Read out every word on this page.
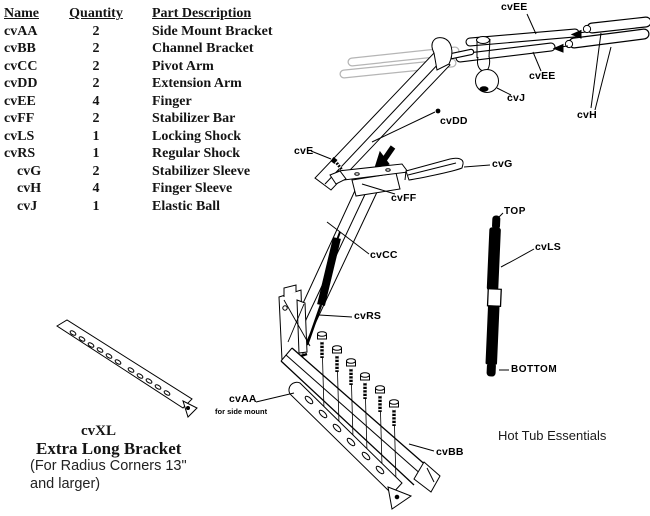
Name	Quantity	Part Description
cvAA	2	Side Mount Bracket
cvBB	2	Channel Bracket
cvCC	2	Pivot Arm
cvDD	2	Extension Arm
cvEE	4	Finger
cvFF	2	Stabilizer Bar
cvLS	1	Locking Shock
cvRS	1	Regular Shock
cvG	2	Stabilizer Sleeve
cvH	4	Finger Sleeve
cvJ	1	Elastic Ball
cvEE
cvEE
cvJ
cvH
cvDD
cvE
cvG
cvFF
cvCC
cvRS
cvAA
for side mount
cvBB
TOP
cvLS
BOTTOM
cvXL
Extra Long Bracket
(For Radius Corners 13"
and larger)
Hot Tub Essentials
